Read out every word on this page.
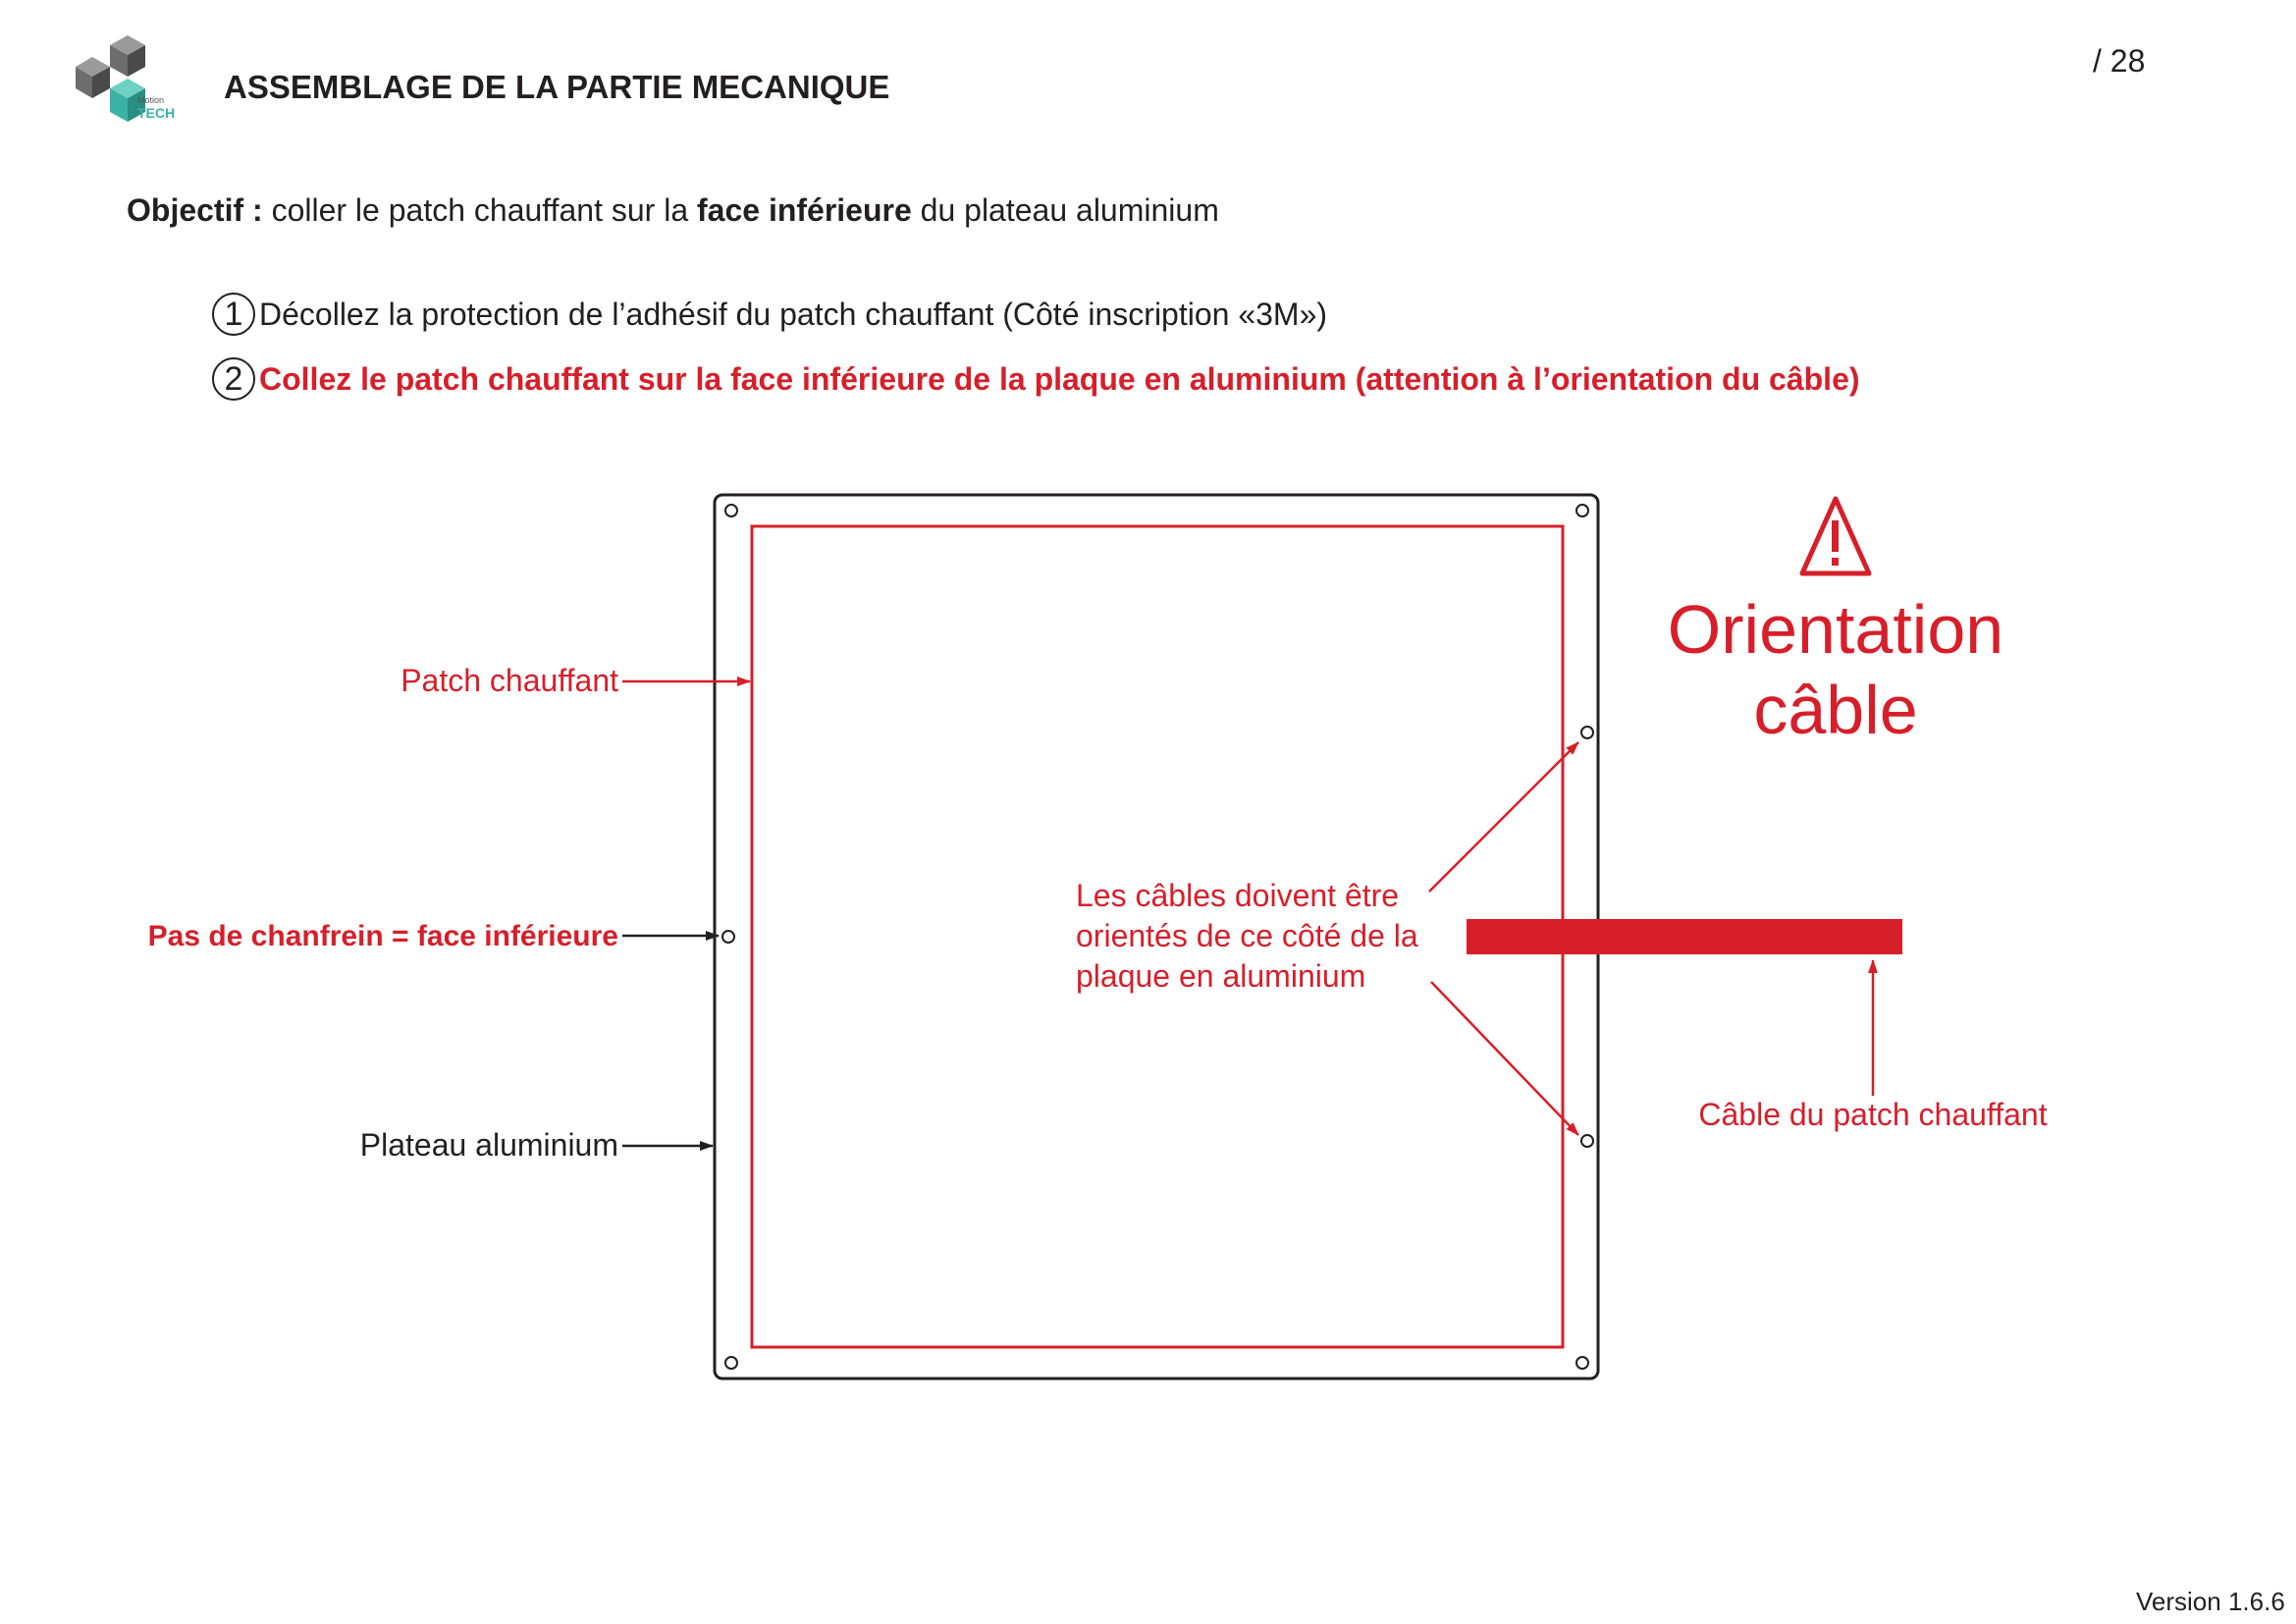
Motion
TECH
ASSEMBLAGE DE LA PARTIE MECANIQUE
/ 28
Objectif : coller le patch chauffant sur la face inférieure du plateau aluminium
1 Décollez la protection de l’adhésif du patch chauffant (Côté inscription «3M»)
2 Collez le patch chauffant sur la face inférieure de la plaque en aluminium (attention à l’orientation du câble)
Patch chauffant
Pas de chanfrein = face inférieure
Plateau aluminium
Câble du patch chauffant
Les câbles doivent être orientés de ce côté de la plaque en aluminium
Orientation câble
Version 1.6.6
